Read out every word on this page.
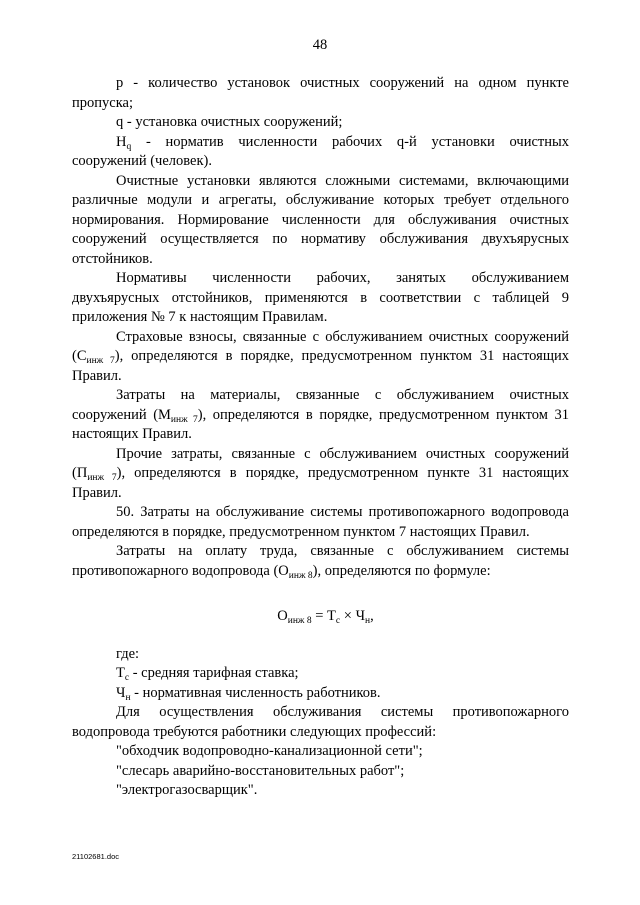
48

p - количество установок очистных сооружений на одном пункте пропуска;

q - установка очистных сооружений;

$Н_q$ - норматив численности рабочих q-й установки очистных сооружений (человек).

Очистные установки являются сложными системами, включающими различные модули и агрегаты, обслуживание которых требует отдельного нормирования. Нормирование численности для обслуживания очистных сооружений осуществляется по нормативу обслуживания двухъярусных отстойников.

Нормативы численности рабочих, занятых обслуживанием двухъярусных отстойников, применяются в соответствии с таблицей 9 приложения № 7 к настоящим Правилам.

Страховые взносы, связанные с обслуживанием очистных сооружений $(С_{инж 7})$, определяются в порядке, предусмотренном пунктом 31 настоящих Правил.

Затраты на материалы, связанные с обслуживанием очистных сооружений $(М_{инж 7})$, определяются в порядке, предусмотренном пунктом 31 настоящих Правил.

Прочие затраты, связанные с обслуживанием очистных сооружений $(П_{инж 7})$, определяются в порядке, предусмотренном пункте 31 настоящих Правил.

50. Затраты на обслуживание системы противопожарного водопровода определяются в порядке, предусмотренном пунктом 7 настоящих Правил.

Затраты на оплату труда, связанные с обслуживанием системы противопожарного водопровода $(О_{инж 8})$, определяются по формуле:

$О_{инж 8} = Т_с \times Ч_н$,

где:

$Т_с$ - средняя тарифная ставка;

$Ч_н$ - нормативная численность работников.

Для осуществления обслуживания системы противопожарного водопровода требуются работники следующих профессий:

"обходчик водопроводно-канализационной сети";

"слесарь аварийно-восстановительных работ";

"электрогазосварщик".

21102681.doc
